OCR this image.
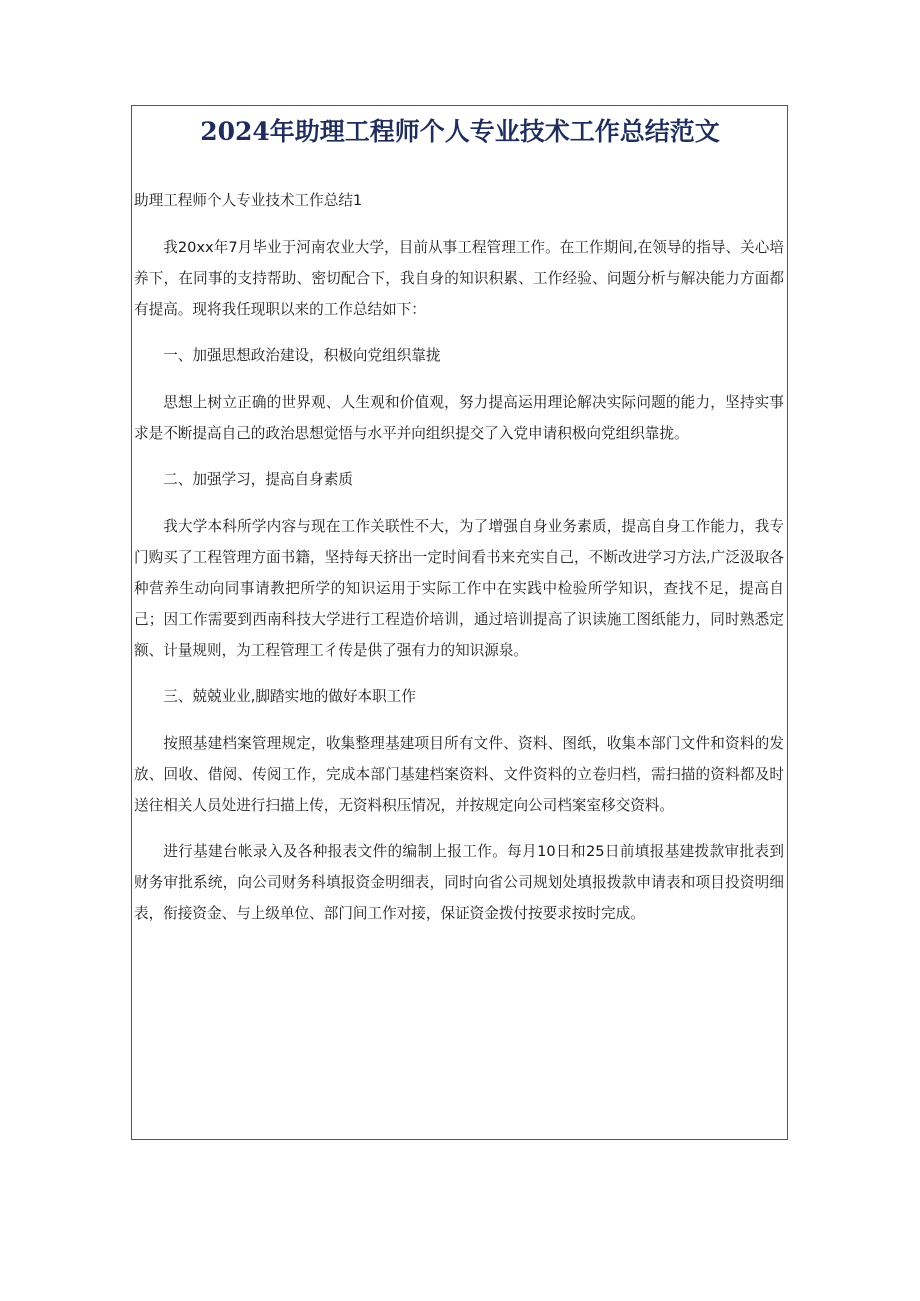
2024年助理工程师个人专业技术工作总结范文

助理工程师个人专业技术工作总结1

我20xx年7月毕业于河南农业大学，目前从事工程管理工作。在工作期间,在领导的指导、关心培养下，在同事的支持帮助、密切配合下，我自身的知识积累、工作经验、问题分析与解决能力方面都有提高。现将我任现职以来的工作总结如下：

一、加强思想政治建设，积极向党组织靠拢

思想上树立正确的世界观、人生观和价值观，努力提高运用理论解决实际问题的能力，坚持实事求是不断提高自己的政治思想觉悟与水平并向组织提交了入党申请积极向党组织靠拢。

二、加强学习，提高自身素质

我大学本科所学内容与现在工作关联性不大，为了增强自身业务素质，提高自身工作能力，我专门购买了工程管理方面书籍，坚持每天挤出一定时间看书来充实自己，不断改进学习方法,广泛汲取各种营养生动向同事请教把所学的知识运用于实际工作中在实践中检验所学知识，查找不足，提高自己；因工作需要到西南科技大学进行工程造价培训，通过培训提高了识读施工图纸能力，同时熟悉定额、计量规则，为工程管理工彳传是供了强有力的知识源泉。

三、兢兢业业,脚踏实地的做好本职工作

按照基建档案管理规定，收集整理基建项目所有文件、资料、图纸，收集本部门文件和资料的发放、回收、借阅、传阅工作，完成本部门基建档案资料、文件资料的立卷归档，需扫描的资料都及时送往相关人员处进行扫描上传，无资料积压情况，并按规定向公司档案室移交资料。

进行基建台帐录入及各种报表文件的编制上报工作。每月10日和25日前填报基建拨款审批表到财务审批系统，向公司财务科填报资金明细表，同时向省公司规划处填报拨款申请表和项目投资明细表，衔接资金、与上级单位、部门间工作对接，保证资金拨付按要求按时完成。
